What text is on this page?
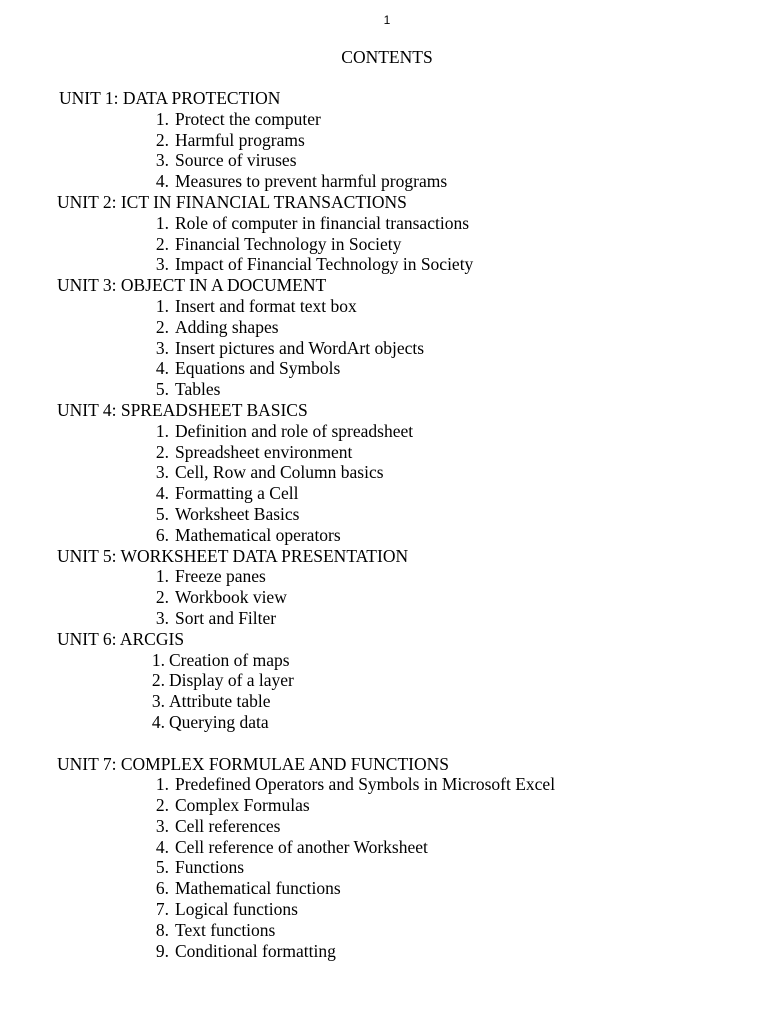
1
CONTENTS
UNIT 1: DATA PROTECTION
1. Protect the computer
2. Harmful programs
3. Source of viruses
4. Measures to prevent harmful programs
UNIT 2: ICT IN FINANCIAL TRANSACTIONS
1. Role of computer in financial transactions
2. Financial Technology in Society
3. Impact of Financial Technology in Society
UNIT 3: OBJECT IN A DOCUMENT
1. Insert and format text box
2. Adding shapes
3. Insert pictures and WordArt objects
4. Equations and Symbols
5. Tables
UNIT 4: SPREADSHEET BASICS
1. Definition and role of spreadsheet
2. Spreadsheet environment
3. Cell, Row and Column basics
4. Formatting a Cell
5. Worksheet Basics
6. Mathematical operators
UNIT 5: WORKSHEET DATA PRESENTATION
1. Freeze panes
2. Workbook view
3. Sort and Filter
UNIT 6: ARCGIS
1. Creation of maps
2. Display of a layer
3. Attribute table
4. Querying data
UNIT 7: COMPLEX FORMULAE AND FUNCTIONS
1. Predefined Operators and Symbols in Microsoft Excel
2. Complex Formulas
3. Cell references
4. Cell reference of another Worksheet
5. Functions
6. Mathematical functions
7. Logical functions
8. Text functions
9. Conditional formatting
